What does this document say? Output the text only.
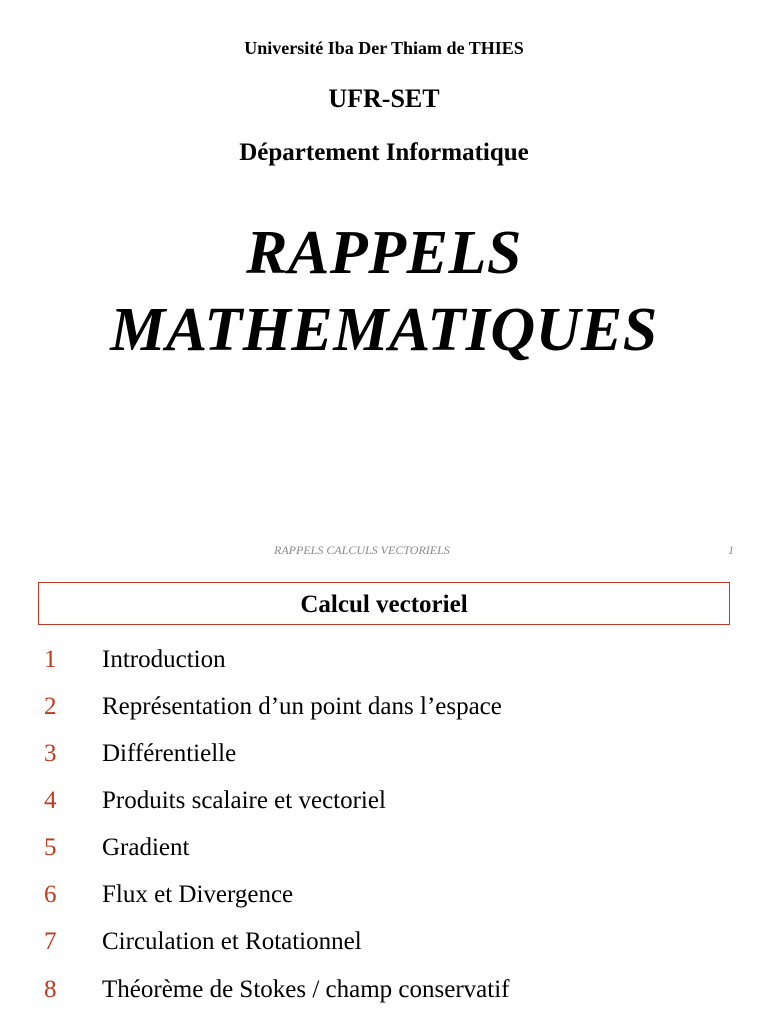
Université Iba Der Thiam de THIES
UFR-SET
Département Informatique
RAPPELS
MATHEMATIQUES
RAPPELS CALCULS VECTORIELS	1
Calcul vectoriel
1 Introduction
2 Représentation d’un point dans l’espace
3 Différentielle
4 Produits scalaire et vectoriel
5 Gradient
6 Flux et Divergence
7 Circulation et Rotationnel
8 Théorème de Stokes / champ conservatif
